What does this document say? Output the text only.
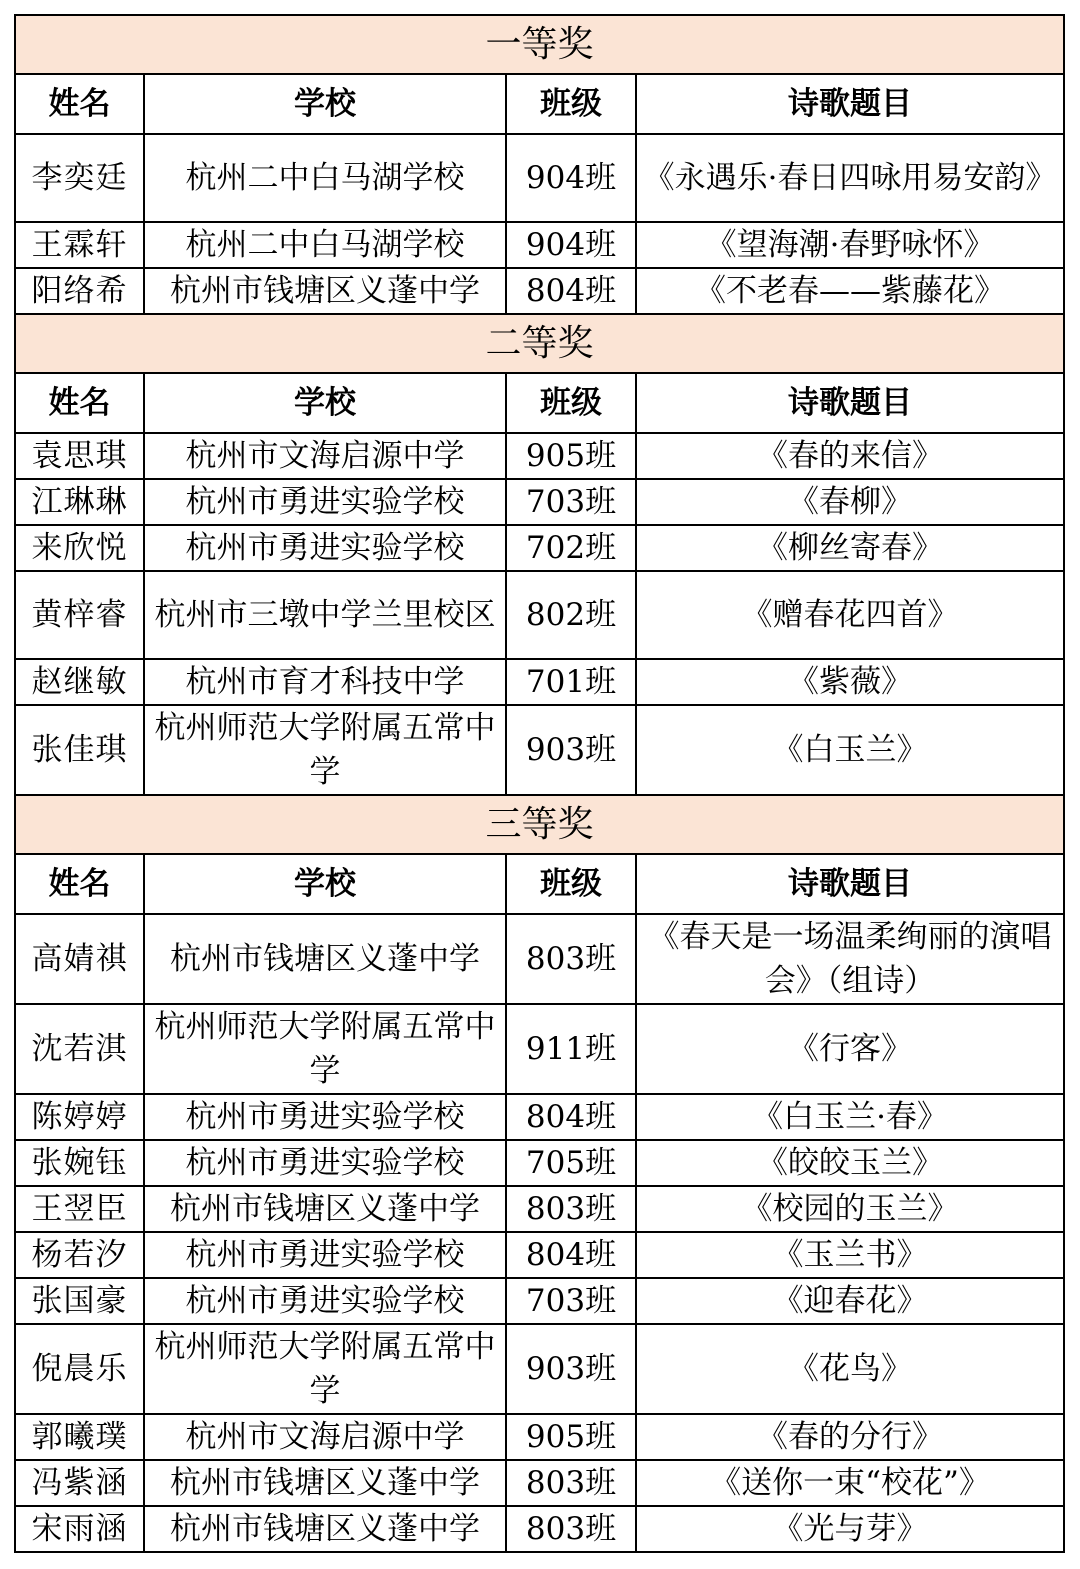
一等奖			
姓名	学校	班级	诗歌题目
李奕廷	杭州二中白马湖学校	904班	《永遇乐·春日四咏用易安韵》
王霖轩	杭州二中白马湖学校	904班	《望海潮·春野咏怀》
阳络希	杭州市钱塘区义蓬中学	804班	《不老春——紫藤花》
二等奖			
姓名	学校	班级	诗歌题目
袁思琪	杭州市文海启源中学	905班	《春的来信》
江琳琳	杭州市勇进实验学校	703班	《春柳》
来欣悦	杭州市勇进实验学校	702班	《柳丝寄春》
黄梓睿	杭州市三墩中学兰里校区	802班	《赠春花四首》
赵继敏	杭州市育才科技中学	701班	《紫薇》
张佳琪	杭州师范大学附属五常中学	903班	《白玉兰》
三等奖			
姓名	学校	班级	诗歌题目
高婧祺	杭州市钱塘区义蓬中学	803班	《春天是一场温柔绚丽的演唱会》（组诗）
沈若淇	杭州师范大学附属五常中学	911班	《行客》
陈婷婷	杭州市勇进实验学校	804班	《白玉兰·春》
张婉钰	杭州市勇进实验学校	705班	《皎皎玉兰》
王翌臣	杭州市钱塘区义蓬中学	803班	《校园的玉兰》
杨若汐	杭州市勇进实验学校	804班	《玉兰书》
张国豪	杭州市勇进实验学校	703班	《迎春花》
倪晨乐	杭州师范大学附属五常中学	903班	《花鸟》
郭曦璞	杭州市文海启源中学	905班	《春的分行》
冯紫涵	杭州市钱塘区义蓬中学	803班	《送你一束“校花”》
宋雨涵	杭州市钱塘区义蓬中学	803班	《光与芽》
